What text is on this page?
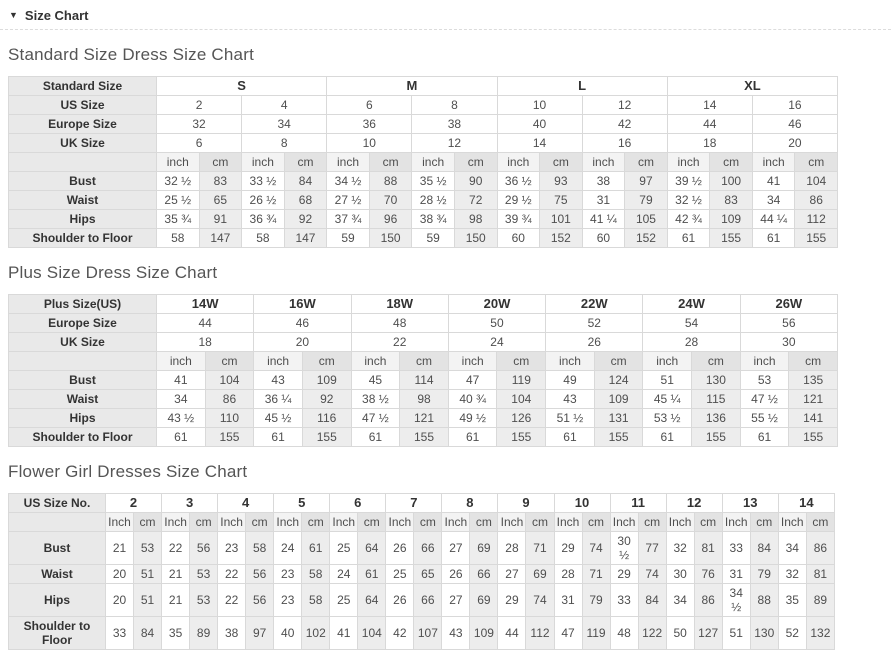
▼ Size Chart
Standard Size Dress Size Chart
Standard Size	S				M				L				XL			
US Size	2		4		6		8		10		12		14		16	
Europe Size	32		34		36		38		40		42		44		46	
UK Size	6		8		10		12		14		16		18		20	
	inch	cm	inch	cm	inch	cm	inch	cm	inch	cm	inch	cm	inch	cm	inch	cm
Bust	32 ½	83	33 ½	84	34 ½	88	35 ½	90	36 ½	93	38	97	39 ½	100	41	104
Waist	25 ½	65	26 ½	68	27 ½	70	28 ½	72	29 ½	75	31	79	32 ½	83	34	86
Hips	35 ¾	91	36 ¾	92	37 ¾	96	38 ¾	98	39 ¾	101	41 ¼	105	42 ¾	109	44 ¼	112
Shoulder to Floor	58	147	58	147	59	150	59	150	60	152	60	152	61	155	61	155
Plus Size Dress Size Chart
Plus Size(US)	14W		16W		18W		20W		22W		24W		26W	
Europe Size	44		46		48		50		52		54		56	
UK Size	18		20		22		24		26		28		30	
	inch	cm	inch	cm	inch	cm	inch	cm	inch	cm	inch	cm	inch	cm
Bust	41	104	43	109	45	114	47	119	49	124	51	130	53	135
Waist	34	86	36 ¼	92	38 ½	98	40 ¾	104	43	109	45 ¼	115	47 ½	121
Hips	43 ½	110	45 ½	116	47 ½	121	49 ½	126	51 ½	131	53 ½	136	55 ½	141
Shoulder to Floor	61	155	61	155	61	155	61	155	61	155	61	155	61	155
Flower Girl Dresses Size Chart
US Size No.	2		3		4		5		6		7		8		9		10		11		12		13		14	
	Inch	cm	Inch	cm	Inch	cm	Inch	cm	Inch	cm	Inch	cm	Inch	cm	Inch	cm	Inch	cm	Inch	cm	Inch	cm	Inch	cm	Inch	cm
Bust	21	53	22	56	23	58	24	61	25	64	26	66	27	69	28	71	29	74	30 ½	77	32	81	33	84	34	86
Waist	20	51	21	53	22	56	23	58	24	61	25	65	26	66	27	69	28	71	29	74	30	76	31	79	32	81
Hips	20	51	21	53	22	56	23	58	25	64	26	66	27	69	29	74	31	79	33	84	34	86	34 ½	88	35	89
Shoulder to Floor	33	84	35	89	38	97	40	102	41	104	42	107	43	109	44	112	47	119	48	122	50	127	51	130	52	132
